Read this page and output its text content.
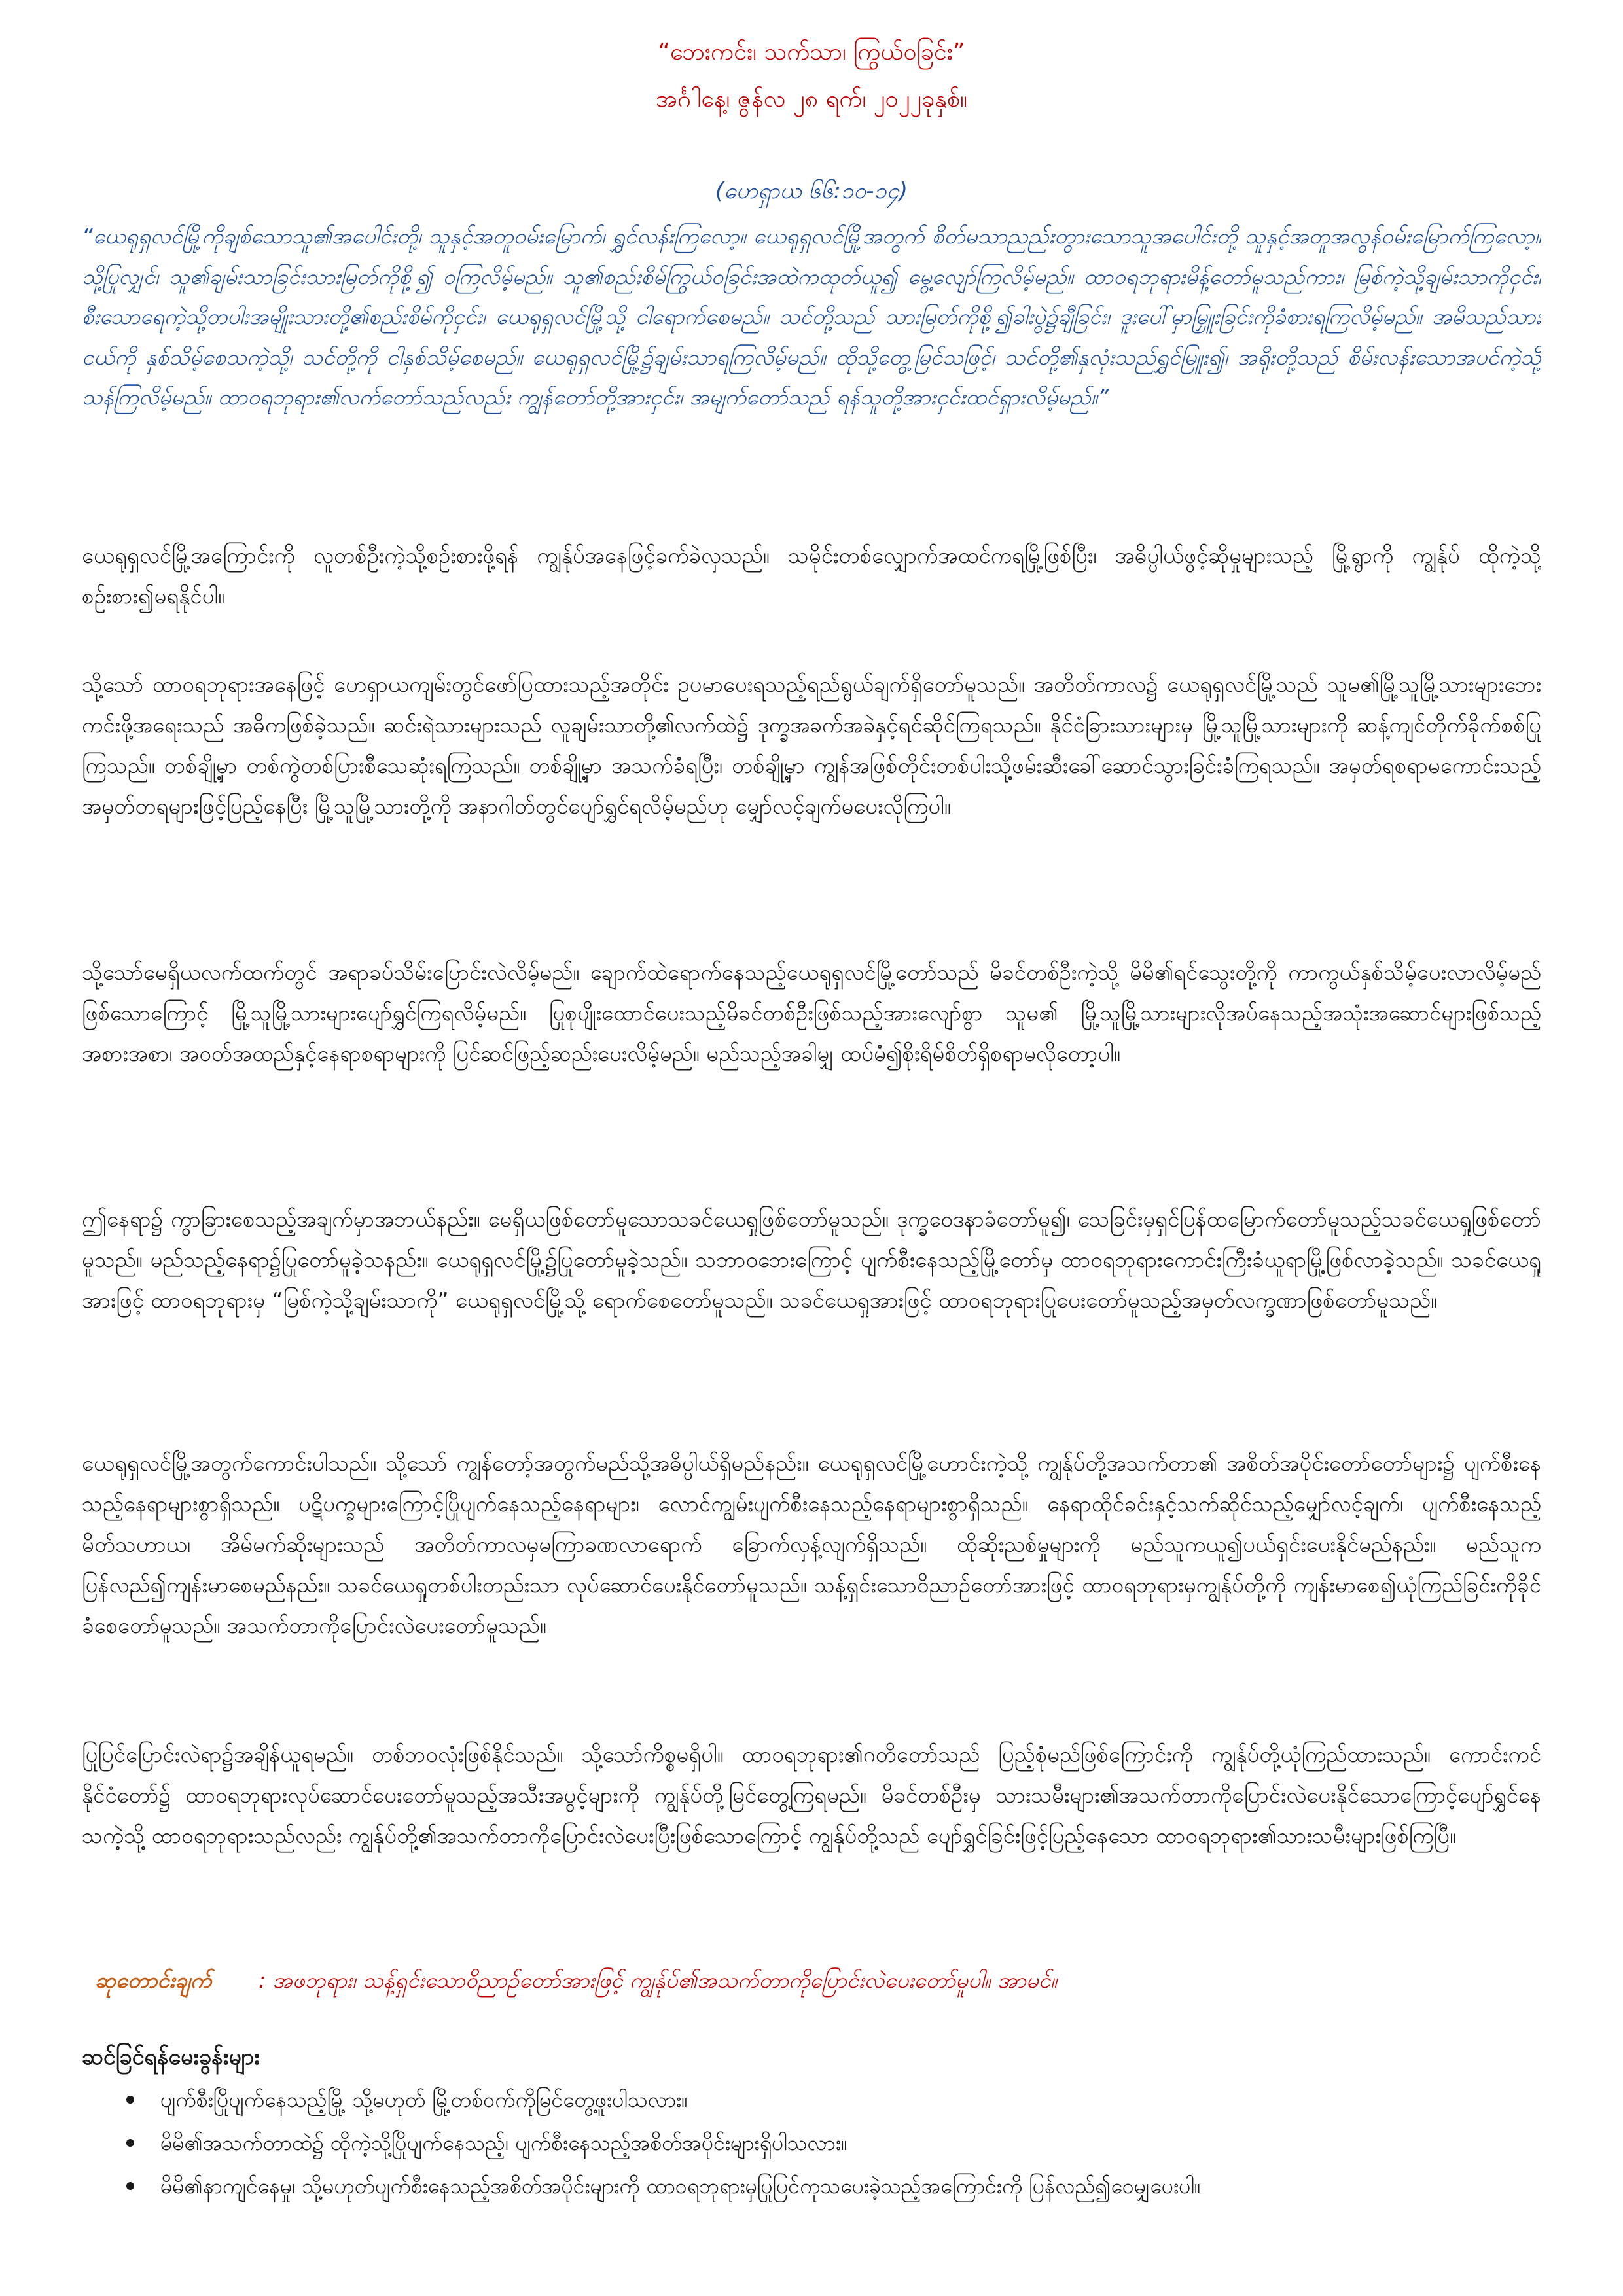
“ဘေးကင်း၊ သက်သာ၊ ကြွယ်ဝခြင်း”
အင်္ဂါနေ့၊ ဇွန်လ ၂၈ ရက်၊ ၂၀၂၂ခုနှစ်။
(ဟေရှာယ ၆၆:၁၀-၁၄)

“ယေရုရှလင်မြို့ကိုချစ်သောသူ၏အပေါင်းတို့၊ သူနှင့်အတူဝမ်းမြောက်၊ ရွှင်လန်းကြလော့။ ယေရုရှလင်မြို့အတွက် စိတ်မသာညည်းတွားသောသူအပေါင်းတို့ သူနှင့်အတူအလွန်ဝမ်းမြောက်ကြလော့။ သို့ပြုလျှင်၊ သူ၏ချမ်းသာခြင်းသားမြတ်ကိုစို့၍ ဝကြလိမ့်မည်။ သူ၏စည်းစိမ်ကြွယ်ဝခြင်းအထဲကထုတ်ယူ၍ မွေ့လျော်ကြလိမ့်မည်။ ထာဝရဘုရားမိန့်တော်မူသည်ကား၊ မြစ်ကဲ့သို့ချမ်းသာကိုငှင်း၊ စီးသောရေကဲ့သို့တပါးအမျိုးသားတို့၏စည်းစိမ်ကိုငှင်း၊ ယေရုရှလင်မြို့သို့ ငါရောက်စေမည်။ သင်တို့သည် သားမြတ်ကိုစို့၍ခါးပွဲ၌ချီခြင်း၊ ဒူးပေါ်မှာမြှူးခြင်းကိုခံစားရကြလိမ့်မည်။ အမိသည်သားငယ်ကို နှစ်သိမ့်စေသကဲ့သို့၊ သင်တို့ကို ငါနှစ်သိမ့်စေမည်။ ယေရုရှလင်မြို့၌ချမ်းသာရကြလိမ့်မည်။ ထိုသို့တွေ့မြင်သဖြင့်၊ သင်တို့၏နှလုံးသည်ရွှင်မြူး၍၊ အရိုးတို့သည် စိမ်းလန်းသောအပင်ကဲ့သို့ သန်ကြလိမ့်မည်။ ထာဝရဘုရား၏လက်တော်သည်လည်း ကျွန်တော်တို့အားငှင်း၊ အမျက်တော်သည် ရန်သူတို့အားငှင်းထင်ရှားလိမ့်မည်။”

ယေရုရှလင်မြို့အကြောင်းကို လူတစ်ဦးကဲ့သို့စဉ်းစားဖို့ရန် ကျွန်ုပ်အနေဖြင့်ခက်ခဲလှသည်။ သမိုင်းတစ်လျှောက်အထင်ကရမြို့ဖြစ်ပြီး၊ အဓိပ္ပါယ်ဖွင့်ဆိုမှုများသည့် မြို့ရွာကို ကျွန်ုပ် ထိုကဲ့သို့စဉ်းစား၍မရနိုင်ပါ။

သို့သော် ထာဝရဘုရားအနေဖြင့် ဟေရှာယကျမ်းတွင်ဖော်ပြထားသည့်အတိုင်း ဥပမာပေးရသည့်ရည်ရွယ်ချက်ရှိတော်မူသည်။ အတိတ်ကာလ၌ ယေရုရှလင်မြို့သည် သူမ၏မြို့သူမြို့သားများဘေးကင်းဖို့အရေးသည် အဓိကဖြစ်ခဲ့သည်။ ဆင်းရဲသားများသည် လူချမ်းသာတို့၏လက်ထဲ၌ ဒုက္ခအခက်အခဲနှင့်ရင်ဆိုင်ကြရသည်။ နိုင်ငံခြားသားများမှ မြို့သူမြို့သားများကို ဆန့်ကျင်တိုက်ခိုက်စစ်ပြုကြသည်။ တစ်ချို့မှာ တစ်ကွဲတစ်ပြားစီသေဆုံးရကြသည်။ တစ်ချို့မှာ အသက်ခံရပြီး၊ တစ်ချို့မှာ ကျွန်အဖြစ်တိုင်းတစ်ပါးသို့ဖမ်းဆီးခေါ်ဆောင်သွားခြင်းခံကြရသည်။ အမှတ်ရစရာမကောင်းသည့် အမှတ်တရများဖြင့်ပြည့်နေပြီး မြို့သူမြို့သားတို့ကို အနာဂါတ်တွင်ပျော်ရွှင်ရလိမ့်မည်ဟု မျှော်လင့်ချက်မပေးလိုကြပါ။

သို့သော်မေရှိယလက်ထက်တွင် အရာခပ်သိမ်းပြောင်းလဲလိမ့်မည်။ ချောက်ထဲရောက်နေသည့်ယေရုရှလင်မြို့တော်သည် မိခင်တစ်ဦးကဲ့သို့ မိမိ၏ရင်သွေးတို့ကို ကာကွယ်နှစ်သိမ့်ပေးလာလိမ့်မည်ဖြစ်သောကြောင့် မြို့သူမြို့သားများပျော်ရွှင်ကြရလိမ့်မည်။ ပြုစုပျိုးထောင်ပေးသည့်မိခင်တစ်ဦးဖြစ်သည့်အားလျော်စွာ သူမ၏ မြို့သူမြို့သားများလိုအပ်နေသည့်အသုံးအဆောင်များဖြစ်သည့် အစားအစာ၊ အဝတ်အထည်နှင့်နေရာစရာများကို ပြင်ဆင်ဖြည့်ဆည်းပေးလိမ့်မည်။ မည်သည့်အခါမျှ ထပ်မံ၍စိုးရိမ်စိတ်ရှိစရာမလိုတော့ပါ။

ဤနေရာ၌ ကွာခြားစေသည့်အချက်မှာအဘယ်နည်း။ မေရှိယဖြစ်တော်မူသောသခင်ယေရှုဖြစ်တော်မူသည်။ ဒုက္ခဝေဒနာခံတော်မူ၍၊ သေခြင်းမှရှင်ပြန်ထမြောက်တော်မူသည့်သခင်ယေရှုဖြစ်တော်မူသည်။ မည်သည့်နေရာ၌ပြုတော်မူခဲ့သနည်း။ ယေရုရှလင်မြို့၌ပြုတော်မူခဲ့သည်။ သဘာဝဘေးကြောင့် ပျက်စီးနေသည့်မြို့တော်မှ ထာဝရဘုရားကောင်းကြီးခံယူရာမြို့ဖြစ်လာခဲ့သည်။ သခင်ယေရှုအားဖြင့် ထာဝရဘုရားမှ “မြစ်ကဲ့သို့ချမ်းသာကို” ယေရုရှလင်မြို့သို့ ရောက်စေတော်မူသည်။ သခင်ယေရှုအားဖြင့် ထာဝရဘုရားပြုပေးတော်မူသည့်အမှတ်လက္ခဏာဖြစ်တော်မူသည်။

ယေရုရှလင်မြို့အတွက်ကောင်းပါသည်။ သို့သော် ကျွန်တော့်အတွက်မည်သို့အဓိပ္ပါယ်ရှိမည်နည်း။ ယေရုရှလင်မြို့ဟောင်းကဲ့သို့ ကျွန်ုပ်တို့အသက်တာ၏ အစိတ်အပိုင်းတော်တော်များ၌ ပျက်စီးနေသည့်နေရာများစွာရှိသည်။ ပဋိပက္ခများကြောင့်ပြိုပျက်နေသည့်နေရာများ၊ လောင်ကျွမ်းပျက်စီးနေသည့်နေရာများစွာရှိသည်။ နေရာထိုင်ခင်းနှင့်သက်ဆိုင်သည့်မျှော်လင့်ချက်၊ ပျက်စီးနေသည့်မိတ်သဟာယ၊ အိမ်မက်ဆိုးများသည် အတိတ်ကာလမှမကြာခဏလာရောက် ခြောက်လှန့်လျက်ရှိသည်။ ထိုဆိုးညစ်မှုများကို မည်သူကယူ၍ပယ်ရှင်းပေးနိုင်မည်နည်း။ မည်သူကပြန်လည်၍ကျန်းမာစေမည်နည်း။ သခင်ယေရှုတစ်ပါးတည်းသာ လုပ်ဆောင်ပေးနိုင်တော်မူသည်။ သန့်ရှင်းသောဝိညာဉ်တော်အားဖြင့် ထာဝရဘုရားမှကျွန်ုပ်တို့ကို ကျန်းမာစေ၍ယုံကြည်ခြင်းကိုခိုင်ခံစေတော်မူသည်။ အသက်တာကိုပြောင်းလဲပေးတော်မူသည်။

ပြုပြင်ပြောင်းလဲရာ၌အချိန်ယူရမည်။ တစ်ဘဝလုံးဖြစ်နိုင်သည်။ သို့သော်ကိစ္စမရှိပါ။ ထာဝရဘုရား၏ဂတိတော်သည် ပြည့်စုံမည်ဖြစ်ကြောင်းကို ကျွန်ုပ်တို့ယုံကြည်ထားသည်။ ကောင်းကင်နိုင်ငံတော်၌ ထာဝရဘုရားလုပ်ဆောင်ပေးတော်မူသည့်အသီးအပွင့်များကို ကျွန်ုပ်တို့မြင်တွေ့ကြရမည်။ မိခင်တစ်ဦးမှ သားသမီးများ၏အသက်တာကိုပြောင်းလဲပေးနိုင်သောကြောင့်ပျော်ရွှင်နေသကဲ့သို့ ထာဝရဘုရားသည်လည်း ကျွန်ုပ်တို့၏အသက်တာကိုပြောင်းလဲပေးပြီးဖြစ်သောကြောင့် ကျွန်ုပ်တို့သည် ပျော်ရွှင်ခြင်းဖြင့်ပြည့်နေသော ထာဝရဘုရား၏သားသမီးများဖြစ်ကြပြီ။

ဆုတောင်းချက် : အဖဘုရား၊ သန့်ရှင်းသောဝိညာဉ်တော်အားဖြင့် ကျွန်ုပ်၏အသက်တာကိုပြောင်းလဲပေးတော်မူပါ။ အာမင်။
ဆင်ခြင်ရန်မေးခွန်းများ
ပျက်စီးပြိုပျက်နေသည့်မြို့ သို့မဟုတ် မြို့တစ်ဝက်ကိုမြင်တွေ့ဖူးပါသလား။
မိမိ၏အသက်တာထဲ၌ ထိုကဲ့သို့ပြိုပျက်နေသည့်၊ ပျက်စီးနေသည့်အစိတ်အပိုင်းများရှိပါသလား။
မိမိ၏နာကျင်နေမှု၊ သို့မဟုတ်ပျက်စီးနေသည့်အစိတ်အပိုင်းများကို ထာဝရဘုရားမှပြုပြင်ကုသပေးခဲ့သည့်အကြောင်းကို ပြန်လည်၍ဝေမျှပေးပါ။
